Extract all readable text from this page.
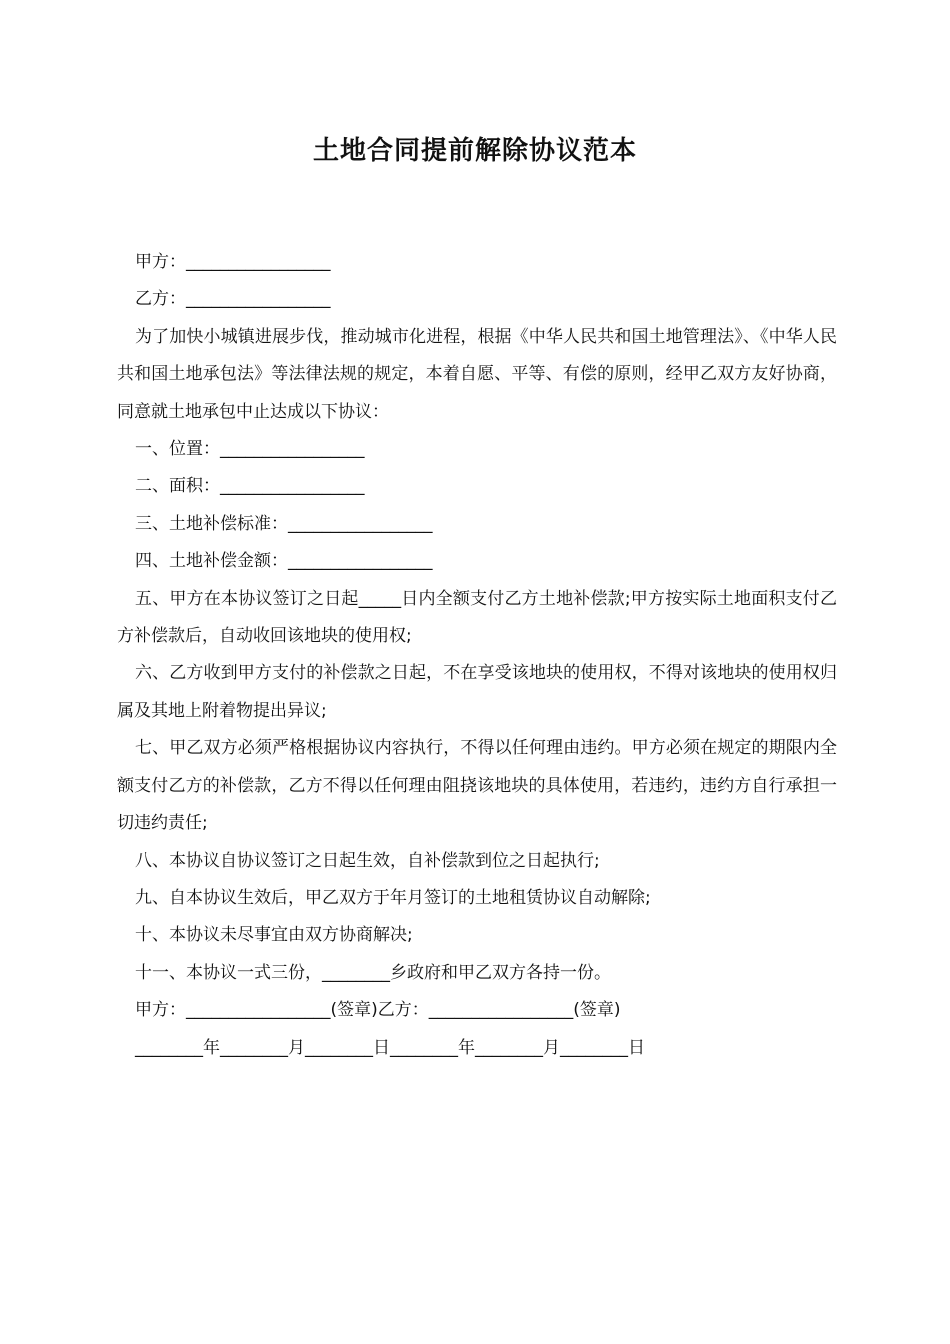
土地合同提前解除协议范本

甲方：_________________

乙方：_________________

为了加快小城镇进展步伐，推动城市化进程，根据《中华人民共和国土地管理法》、《中华人民共和国土地承包法》等法律法规的规定，本着自愿、平等、有偿的原则，经甲乙双方友好协商，同意就土地承包中止达成以下协议：

一、位置：_________________

二、面积：_________________

三、土地补偿标准：_________________

四、土地补偿金额：_________________

五、甲方在本协议签订之日起_____日内全额支付乙方土地补偿款;甲方按实际土地面积支付乙方补偿款后，自动收回该地块的使用权;

六、乙方收到甲方支付的补偿款之日起，不在享受该地块的使用权，不得对该地块的使用权归属及其地上附着物提出异议;

七、甲乙双方必须严格根据协议内容执行，不得以任何理由违约。甲方必须在规定的期限内全额支付乙方的补偿款，乙方不得以任何理由阻挠该地块的具体使用，若违约，违约方自行承担一切违约责任;

八、本协议自协议签订之日起生效，自补偿款到位之日起执行;

九、自本协议生效后，甲乙双方于年月签订的土地租赁协议自动解除;

十、本协议未尽事宜由双方协商解决;

十一、本协议一式三份，________乡政府和甲乙双方各持一份。

甲方：_________________(签章)乙方：_________________(签章)

________年________月________日________年________月________日
